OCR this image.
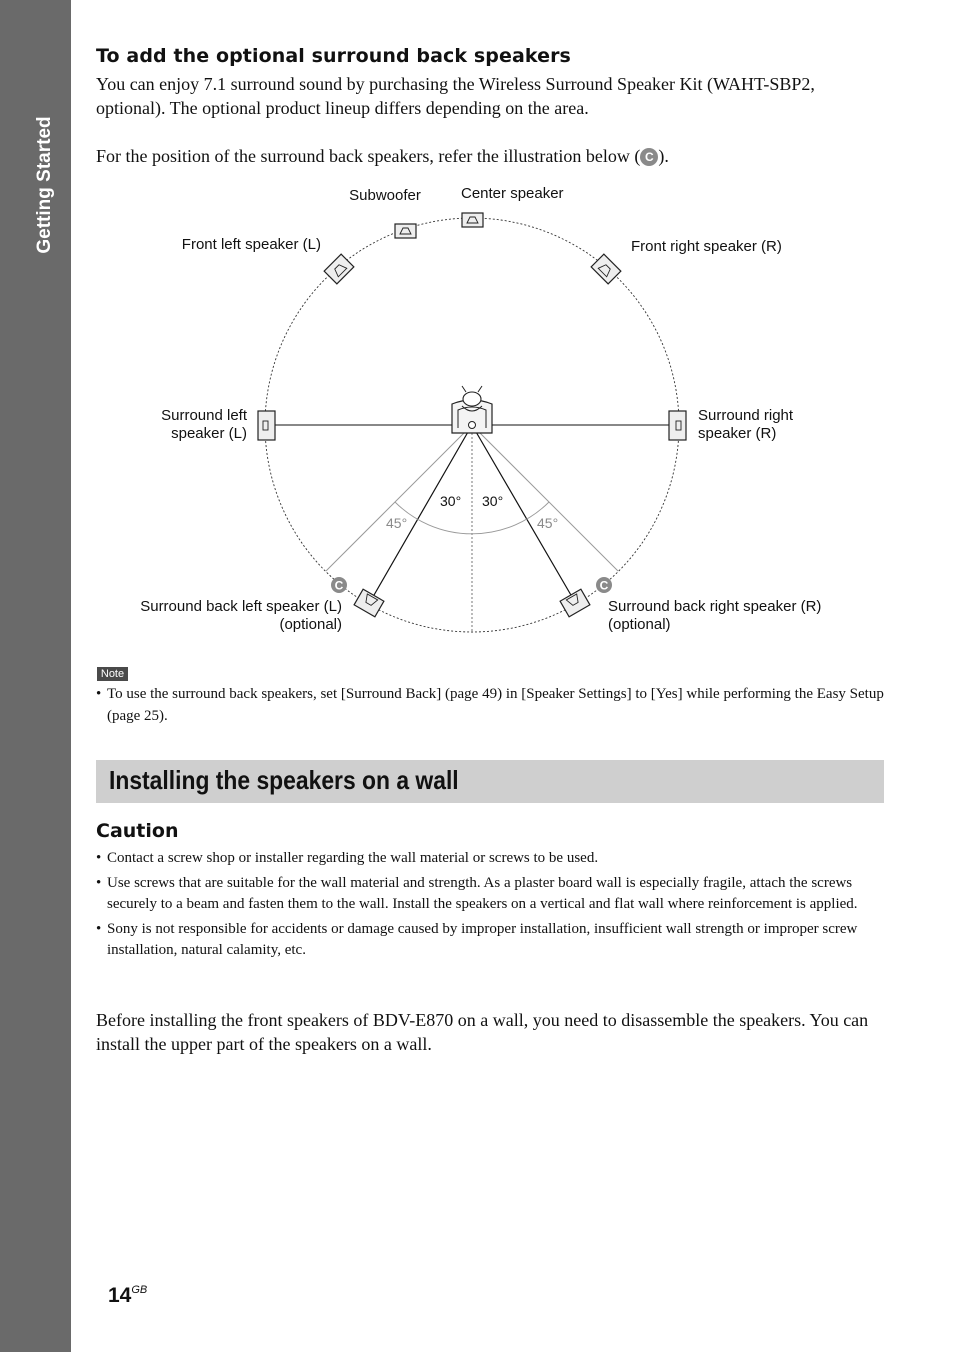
Getting Started
To add the optional surround back speakers

You can enjoy 7.1 surround sound by purchasing the Wireless Surround Speaker Kit (WAHT-SBP2, optional). The optional product lineup differs depending on the area.

For the position of the surround back speakers, refer the illustration below ( C ).

C	C
30° 30°
45°	45°
Subwoofer	Center speaker
Front left speaker (L)	Front right speaker (R)
Surround left
speaker (L)
Surround right
speaker (R)
Surround back left speaker (L)
(optional)
Surround back right speaker (R)
(optional)
Note
• To use the surround back speakers, set [Surround Back] (page 49) in [Speaker Settings] to [Yes] while performing the Easy Setup (page 25).
Installing the speakers on a wall
Caution
• Contact a screw shop or installer regarding the wall material or screws to be used.
• Use screws that are suitable for the wall material and strength. As a plaster board wall is especially fragile, attach the screws securely to a beam and fasten them to the wall. Install the speakers on a vertical and flat wall where reinforcement is applied.
• Sony is not responsible for accidents or damage caused by improper installation, insufficient wall strength or improper screw installation, natural calamity, etc.

Before installing the front speakers of BDV-E870 on a wall, you need to disassemble the speakers. You can install the upper part of the speakers on a wall.

$14^{GB}$
